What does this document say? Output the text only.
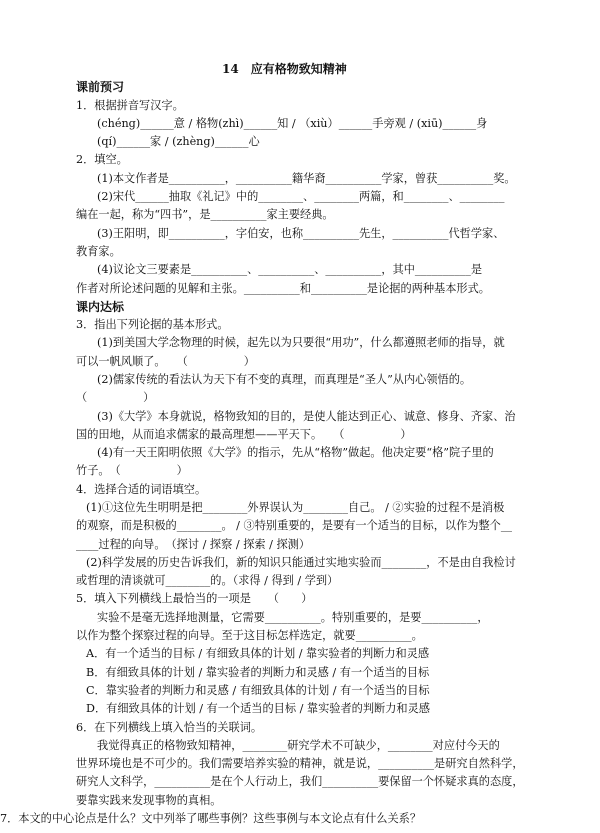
14　应有格物致知精神

课前预习

1．根据拼音写汉字。

(chéng)______意 / 格物(zhì)______知 / （xiù）______手旁观 / (xiū)______身

(qí)______家 / (zhèng)______心

2．填空。

(1)本文作者是__________，__________籍华裔__________学家，曾获__________奖。

(2)宋代______抽取《礼记》中的________、________两篇，和________、________

编在一起，称为“四书”，是__________家主要经典。

(3)王阳明，即__________，字伯安，也称__________先生，__________代哲学家、

教育家。

(4)议论文三要素是__________、__________、__________，其中__________是

作者对所论述问题的见解和主张。__________和__________是论据的两种基本形式。

课内达标

3．指出下列论据的基本形式。

(1)到美国大学念物理的时候，起先以为只要很“用功”，什么都遵照老师的指导，就

可以一帆风顺了。　　（　　　　　）

(2)儒家传统的看法认为天下有不变的真理，而真理是“圣人”从内心领悟的。

（　　　　　）

(3)《大学》本身就说，格物致知的目的，是使人能达到正心、诚意、修身、齐家、治

国的田地，从而追求儒家的最高理想——平天下。　　（　　　　　）

(4)有一天王阳明依照《大学》的指示，先从“格物”做起。他决定要“格”院子里的

竹子。　（　　　　　）

4．选择合适的词语填空。

(1)①这位先生明明是把________外界误认为________自己。 / ②实验的过程不是消极

的观察，而是积极的________。 / ③特别重要的，是要有一个适当的目标，以作为整个__

____过程的向导。　（探讨 / 探察 / 探索 / 探测）

(2)科学发展的历史告诉我们，新的知识只能通过实地实验而________，不是由自我检讨

或哲理的清谈就可________的。（求得 / 得到 / 学到）

5．填入下列横线上最恰当的一项是　　（　　）

实验不是毫无选择地测量，它需要__________。特别重要的，是要__________，

以作为整个探察过程的向导。至于这目标怎样选定，就要__________。

A．有一个适当的目标 / 有细致具体的计划 / 靠实验者的判断力和灵感

B．有细致具体的计划 / 靠实验者的判断力和灵感 / 有一个适当的目标

C．靠实验者的判断力和灵感 / 有细致具体的计划 / 有一个适当的目标

D．有细致具体的计划 / 有一个适当的目标 / 靠实验者的判断力和灵感

6．在下列横线上填入恰当的关联词。

我觉得真正的格物致知精神，________研究学术不可缺少，________对应付今天的

世界环境也是不可少的。我们需要培养实验的精神，就是说，__________是研究自然科学，

研究人文科学，__________是在个人行动上，我们__________要保留一个怀疑求真的态度，

要靠实践来发现事物的真相。

7．本文的中心论点是什么？文中列举了哪些事例？这些事例与本文论点有什么关系？
